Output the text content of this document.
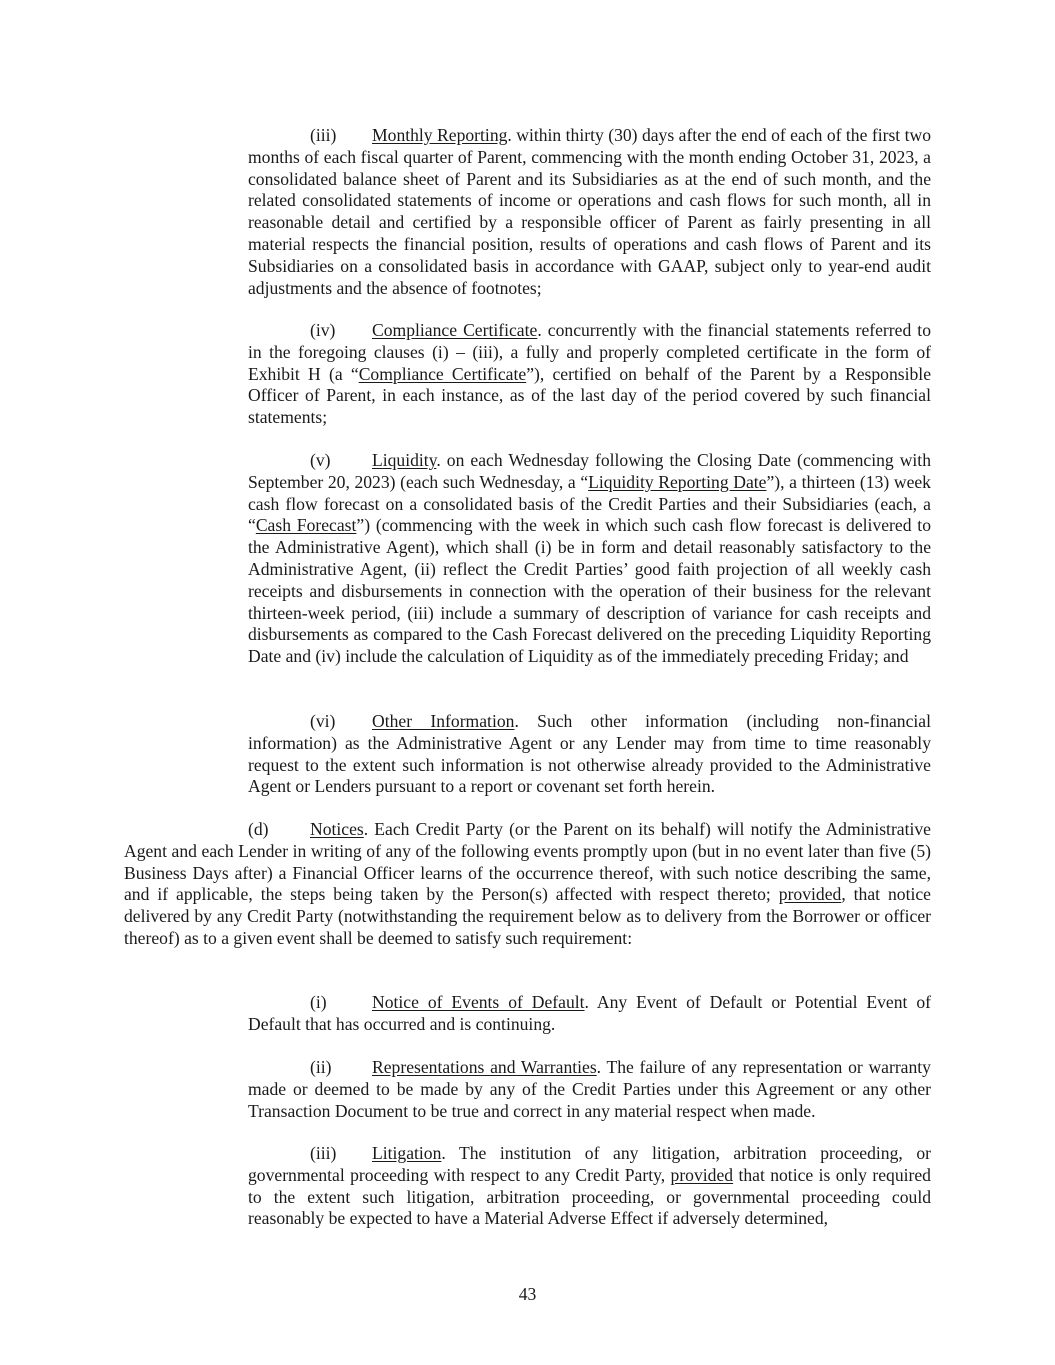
(iii) Monthly Reporting. within thirty (30) days after the end of each of the first two months of each fiscal quarter of Parent, commencing with the month ending October 31, 2023, a consolidated balance sheet of Parent and its Subsidiaries as at the end of such month, and the related consolidated statements of income or operations and cash flows for such month, all in reasonable detail and certified by a responsible officer of Parent as fairly presenting in all material respects the financial position, results of operations and cash flows of Parent and its Subsidiaries on a consolidated basis in accordance with GAAP, subject only to year-end audit adjustments and the absence of footnotes;

(iv) Compliance Certificate. concurrently with the financial statements referred to in the foregoing clauses (i) – (iii), a fully and properly completed certificate in the form of Exhibit H (a “Compliance Certificate”), certified on behalf of the Parent by a Responsible Officer of Parent, in each instance, as of the last day of the period covered by such financial statements;

(v) Liquidity. on each Wednesday following the Closing Date (commencing with September 20, 2023) (each such Wednesday, a “Liquidity Reporting Date”), a thirteen (13) week cash flow forecast on a consolidated basis of the Credit Parties and their Subsidiaries (each, a “Cash Forecast”) (commencing with the week in which such cash flow forecast is delivered to the Administrative Agent), which shall (i) be in form and detail reasonably satisfactory to the Administrative Agent, (ii) reflect the Credit Parties’ good faith projection of all weekly cash receipts and disbursements in connection with the operation of their business for the relevant thirteen-week period, (iii) include a summary of description of variance for cash receipts and disbursements as compared to the Cash Forecast delivered on the preceding Liquidity Reporting Date and (iv) include the calculation of Liquidity as of the immediately preceding Friday; and

(vi) Other Information. Such other information (including non-financial information) as the Administrative Agent or any Lender may from time to time reasonably request to the extent such information is not otherwise already provided to the Administrative Agent or Lenders pursuant to a report or covenant set forth herein.

(d) Notices. Each Credit Party (or the Parent on its behalf) will notify the Administrative Agent and each Lender in writing of any of the following events promptly upon (but in no event later than five (5) Business Days after) a Financial Officer learns of the occurrence thereof, with such notice describing the same, and if applicable, the steps being taken by the Person(s) affected with respect thereto; provided, that notice delivered by any Credit Party (notwithstanding the requirement below as to delivery from the Borrower or officer thereof) as to a given event shall be deemed to satisfy such requirement:

(i)	Notice of Events of Default. Any Event of Default or Potential Event of Default that has occurred and is continuing.

(ii) Representations and Warranties. The failure of any representation or warranty made or deemed to be made by any of the Credit Parties under this Agreement or any other Transaction Document to be true and correct in any material respect when made.

(iii) Litigation. The institution of any litigation, arbitration proceeding, or governmental proceeding with respect to any Credit Party, provided that notice is only required to the extent such litigation, arbitration proceeding, or governmental proceeding could reasonably be expected to have a Material Adverse Effect if adversely determined,

43
